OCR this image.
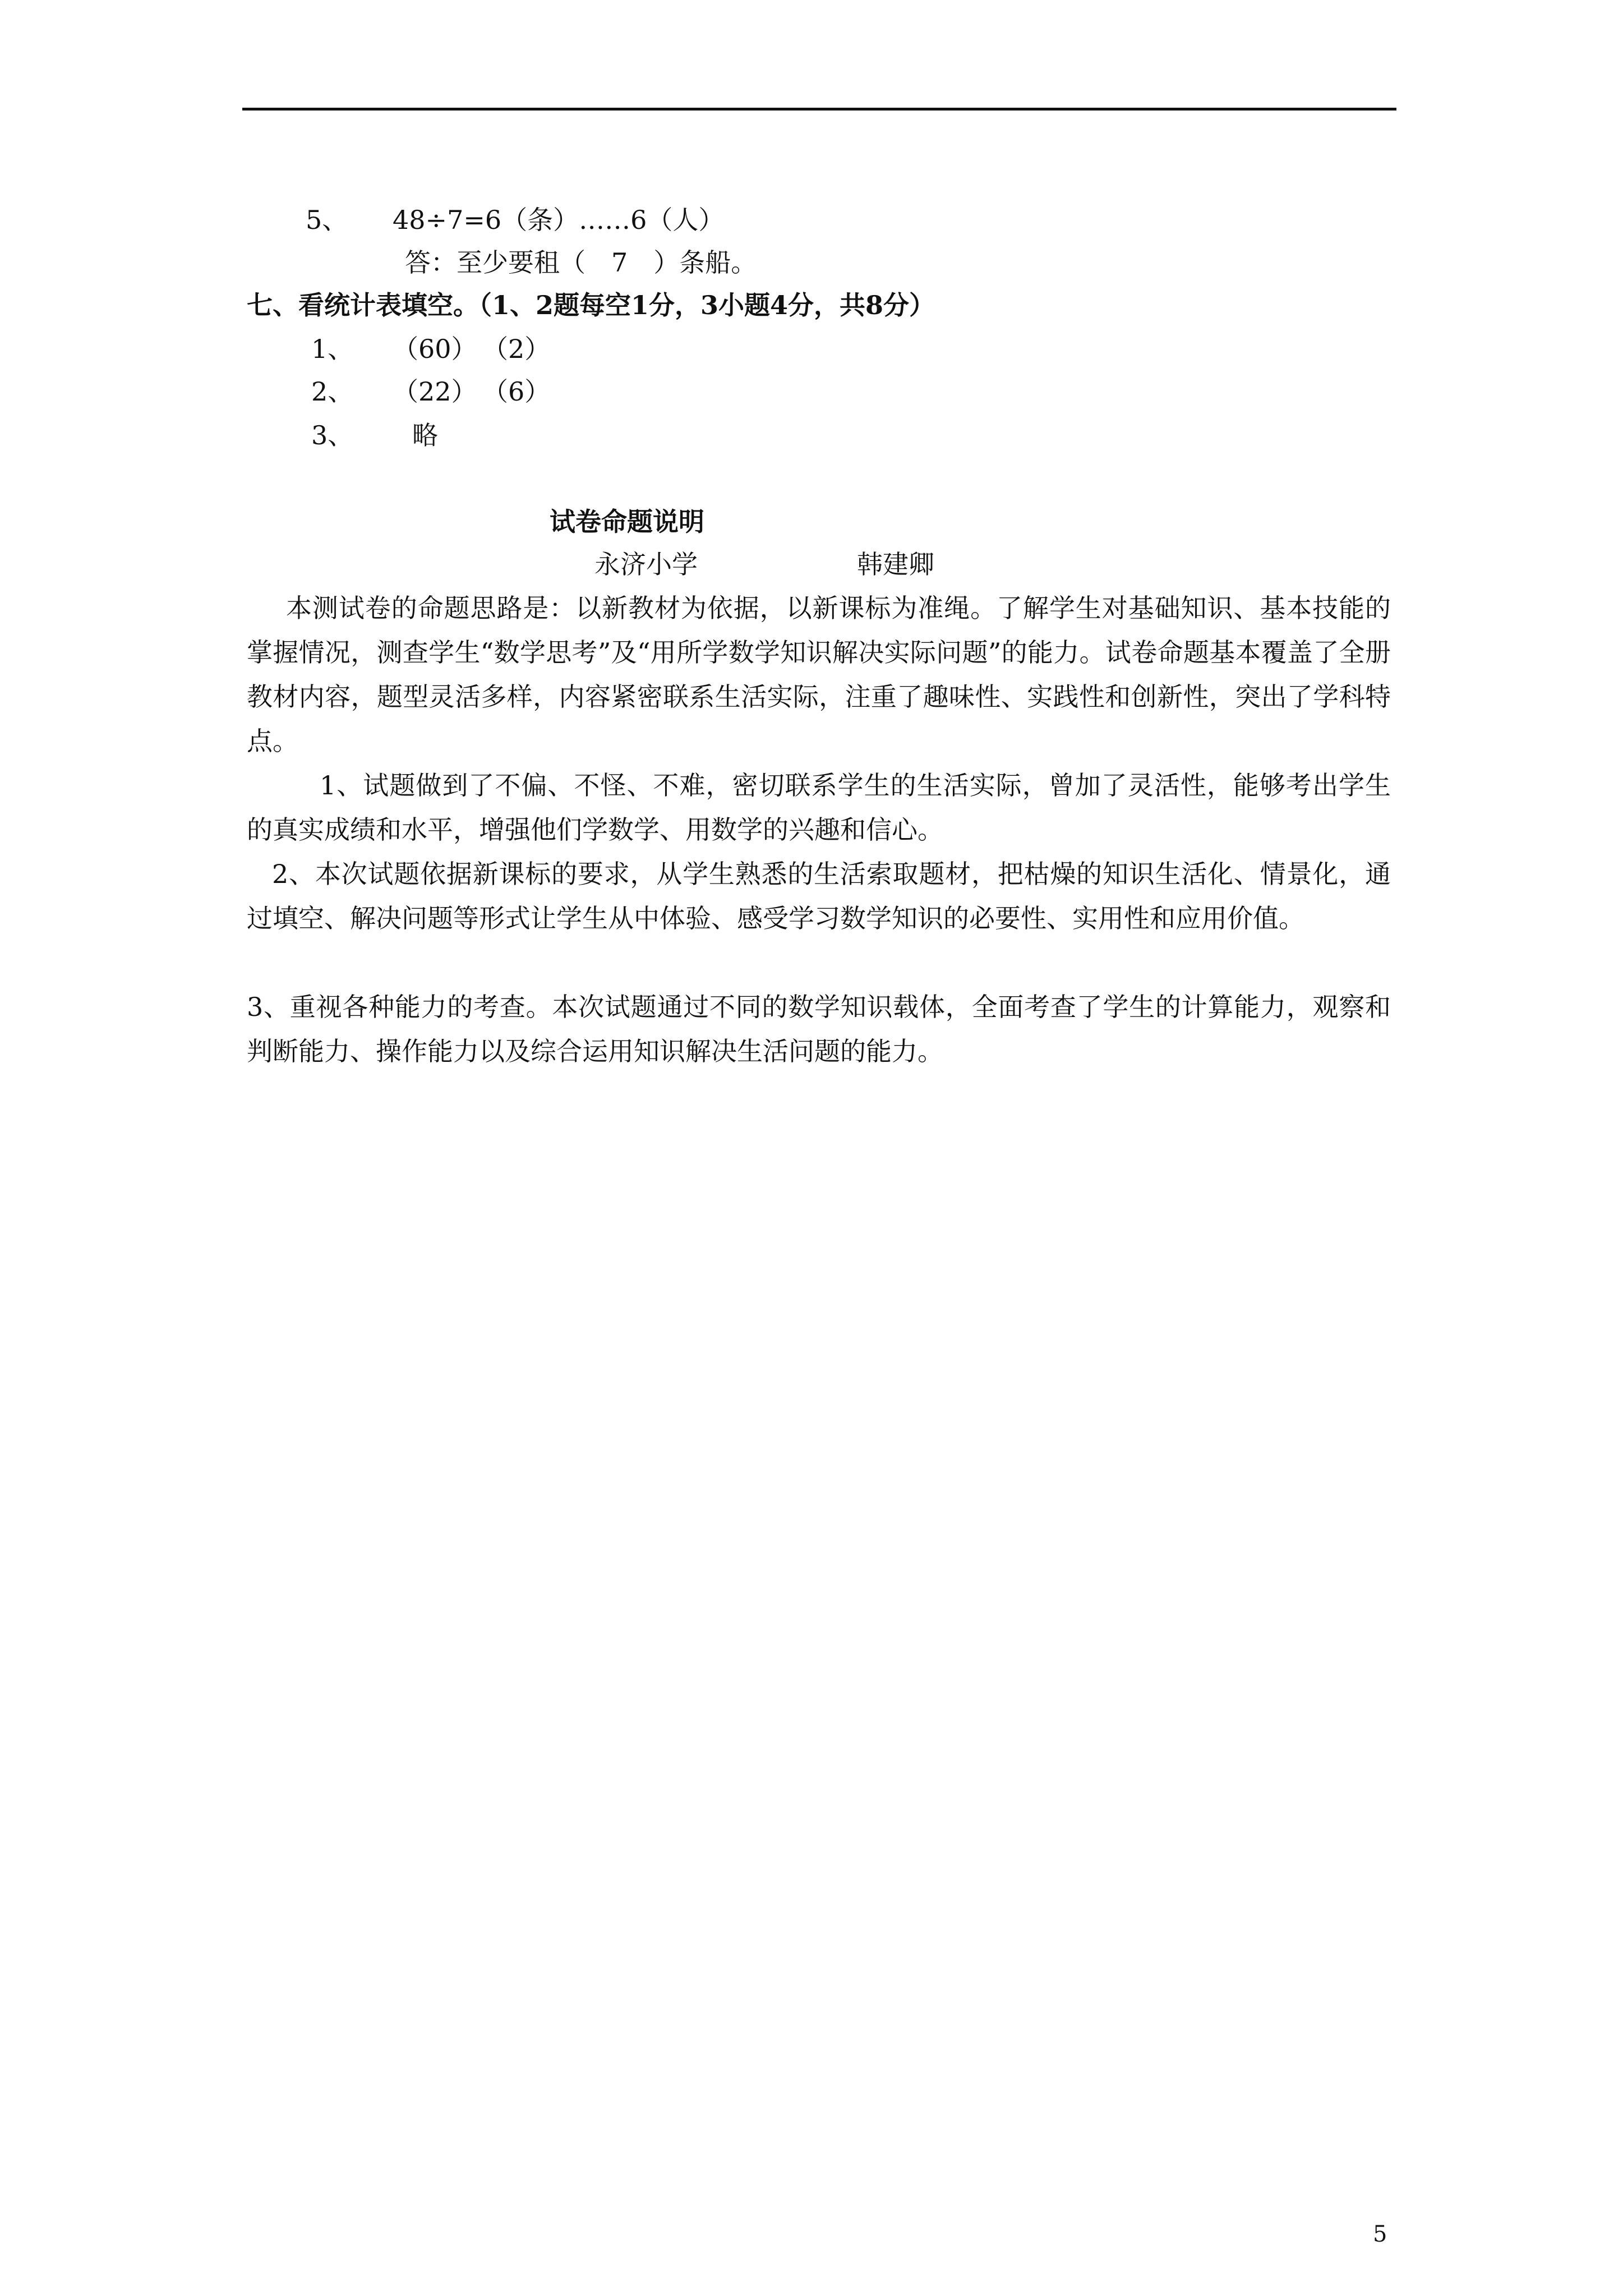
5、 48÷7=6（条）……6（人）
答：至少要租（　7　）条船。
七、看统计表填空。（1、2题每空1分，3小题4分，共8分）
1、 （60） （2）
2、 （22） （6）
3、 略
试卷命题说明
永济小学	韩建卿
本测试卷的命题思路是：以新教材为依据，以新课标为准绳。了解学生对基础知识、基本技能的掌握情况，测查学生“数学思考”及“用所学数学知识解决实际问题”的能力。试卷命题基本覆盖了全册教材内容，题型灵活多样，内容紧密联系生活实际，注重了趣味性、实践性和创新性，突出了学科特点。
1、试题做到了不偏、不怪、不难，密切联系学生的生活实际，曾加了灵活性，能够考出学生的真实成绩和水平，增强他们学数学、用数学的兴趣和信心。
2、本次试题依据新课标的要求，从学生熟悉的生活索取题材，把枯燥的知识生活化、情景化，通过填空、解决问题等形式让学生从中体验、感受学习数学知识的必要性、实用性和应用价值。
3、重视各种能力的考查。本次试题通过不同的数学知识载体，全面考查了学生的计算能力，观察和判断能力、操作能力以及综合运用知识解决生活问题的能力。
5
